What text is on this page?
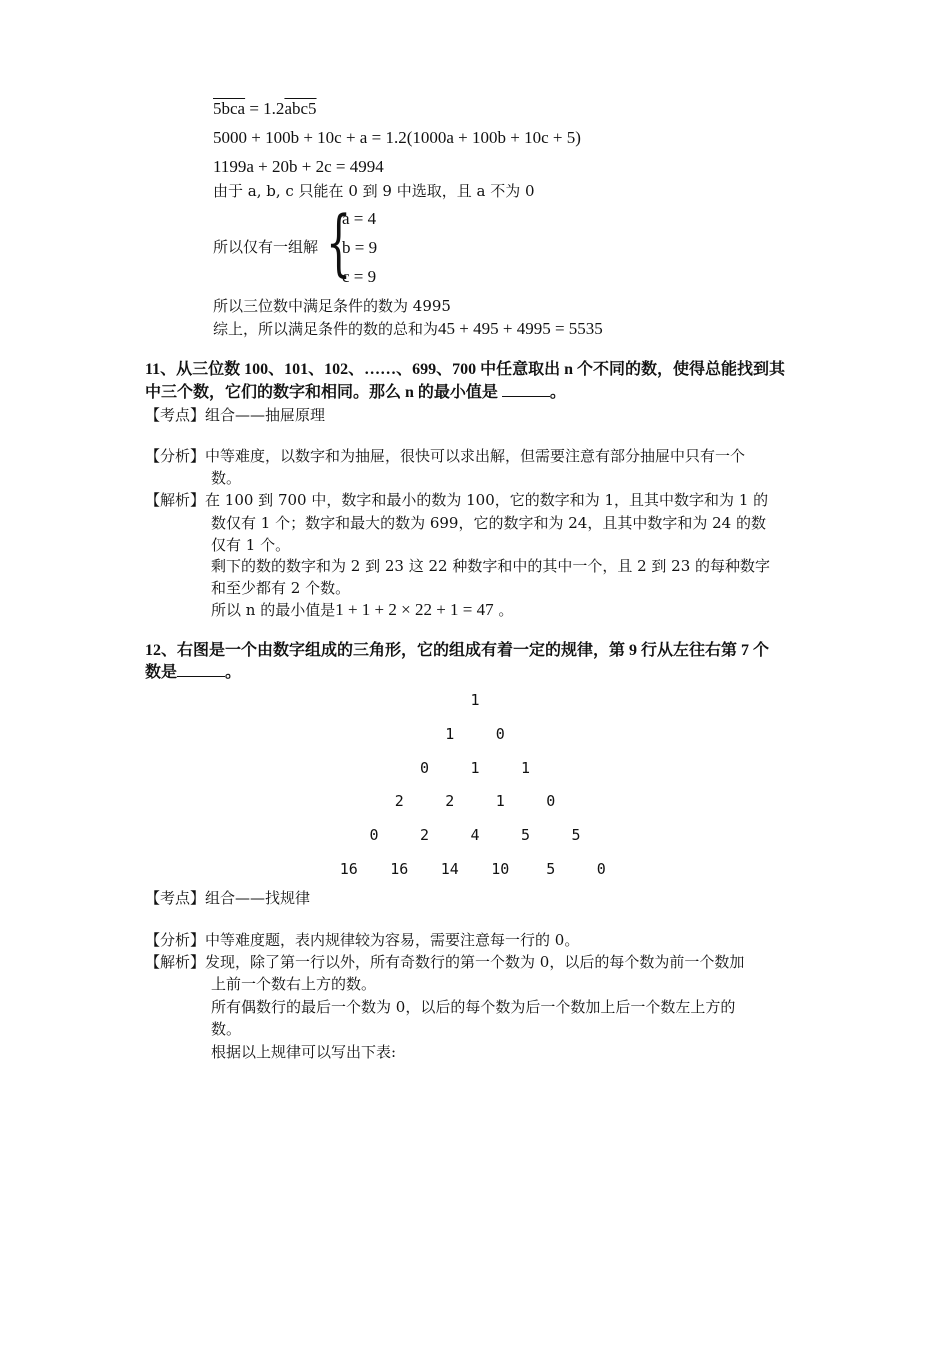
5bca = 1.2abc5
5000 + 100b + 10c + a = 1.2(1000a + 100b + 10c + 5)
1199a + 20b + 2c = 4994
由于 a, b, c 只能在 0 到 9 中选取，且 a 不为 0
所以仅有一组解 {
a = 4
b = 9
c = 9
所以三位数中满足条件的数为 4995
综上，所以满足条件的数的总和为45 + 495 + 4995 = 5535
11、从三位数 100、101、102、……、699、700 中任意取出 n 个不同的数，使得总能找到其
中三个数，它们的数字和相同。那么 n 的最小值是	。
【考点】组合——抽屉原理
【分析】中等难度，以数字和为抽屉，很快可以求出解，但需要注意有部分抽屉中只有一个
数。
【解析】在 100 到 700 中，数字和最小的数为 100，它的数字和为 1，且其中数字和为 1 的
数仅有 1 个；数字和最大的数为 699，它的数字和为 24，且其中数字和为 24 的数
仅有 1 个。
剩下的数的数字和为 2 到 23 这 22 种数字和中的其中一个，且 2 到 23 的每种数字
和至少都有 2 个数。
所以 n 的最小值是1 + 1 + 2 × 22 + 1 = 47 。
12、右图是一个由数字组成的三角形，它的组成有着一定的规律，第 9 行从左往右第 7 个
数是	。
1
1	0
0	1	1
2	2	1	0
0	2	4	5	5
16	16	14	10	5	0
【考点】组合——找规律
【分析】中等难度题，表内规律较为容易，需要注意每一行的 0。
【解析】发现，除了第一行以外，所有奇数行的第一个数为 0，以后的每个数为前一个数加
上前一个数右上方的数。
所有偶数行的最后一个数为 0，以后的每个数为后一个数加上后一个数左上方的
数。
根据以上规律可以写出下表:
